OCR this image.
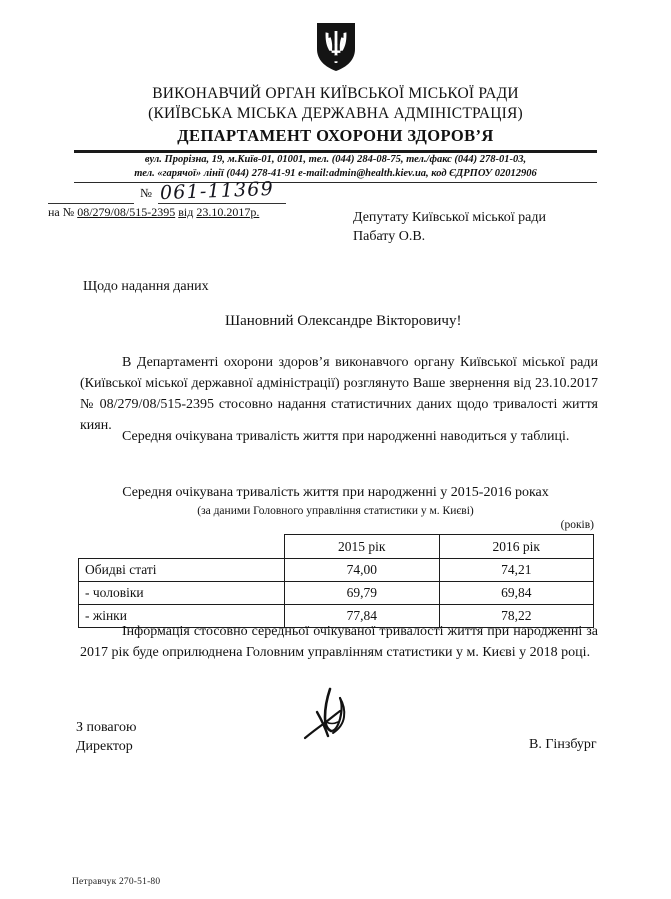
ВИКОНАВЧИЙ ОРГАН КИЇВСЬКОЇ МІСЬКОЇ РАДИ
(КИЇВСЬКА МІСЬКА ДЕРЖАВНА АДМІНІСТРАЦІЯ)
ДЕПАРТАМЕНТ ОХОРОНИ ЗДОРОВ’Я
вул. Прорізна, 19, м.Київ-01, 01001, тел. (044) 284-08-75, тел./факс (044) 278-01-03,
тел. «гарячої» лінії (044) 278-41-91 e-mail:admin@health.kiev.ua, код ЄДРПОУ 02012906
№ 061-11369
на № 08/279/08/515-2395 від 23.10.2017р.	Депутату Київської міської ради
Пабату О.В.
Щодо надання даних
Шановний Олександре Вікторовичу!
В Департаменті охорони здоров’я виконавчого органу Київської міської ради (Київської міської державної адміністрації) розглянуто Ваше звернення від 23.10.2017 № 08/279/08/515-2395 стосовно надання статистичних даних щодо тривалості життя киян.
Середня очікувана тривалість життя при народженні наводиться у таблиці.
Середня очікувана тривалість життя при народженні у 2015-2016 роках
(за даними Головного управління статистики у м. Києві)
(років)
	2015 рік	2016 рік
Обидві статі	74,00	74,21
- чоловіки	69,79	69,84
- жінки	77,84	78,22
Інформація стосовно середньої очікуваної тривалості життя при народженні за 2017 рік буде оприлюднена Головним управлінням статистики у м. Києві у 2018 році.
З повагою
Директор	В. Гінзбург
Петравчук 270-51-80
